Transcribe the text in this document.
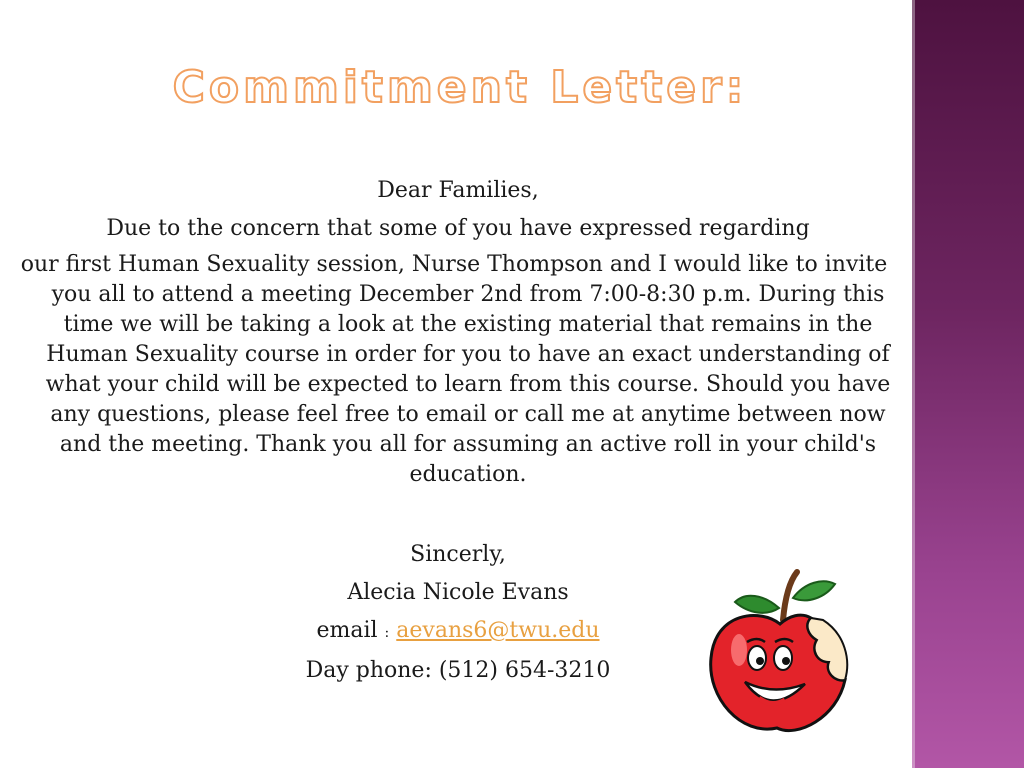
Commitment Letter:
Dear Families,
Due to the concern that some of you have expressed regarding

our first Human Sexuality session, Nurse Thompson and I would like to invite you all to attend a meeting December 2nd from 7:00-8:30 p.m. During this time we will be taking a look at the existing material that remains in the Human Sexuality course in order for you to have an exact understanding of what your child will be expected to learn from this course. Should you have any questions, please feel free to email or call me at anytime between now and the meeting. Thank you all for assuming an active roll in your child's education.

Sincerly,
Alecia Nicole Evans
email : aevans6@twu.edu
Day phone: (512) 654-3210
